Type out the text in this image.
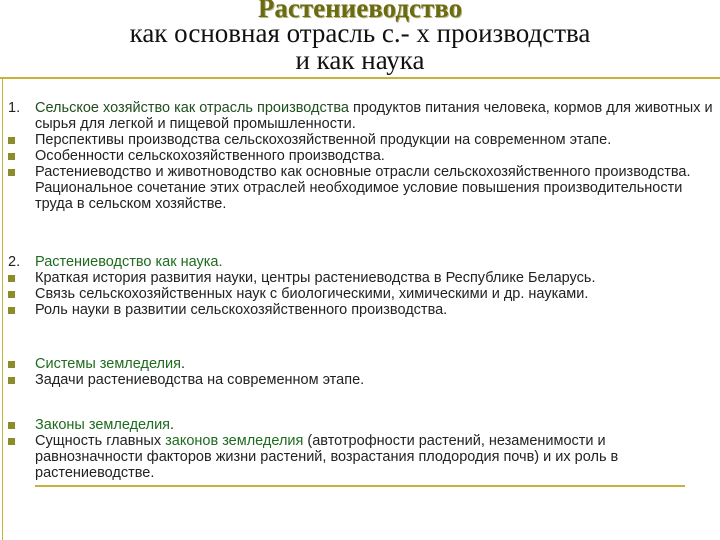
Растениеводство
как основная отрасль с.- х производства
и как наука
1. Сельское хозяйство как отрасль производства продуктов питания человека, кормов для животных и сырья для легкой и пищевой промышленности.
Перспективы производства сельскохозяйственной продукции на современном этапе.
Особенности сельскохозяйственного производства.
Растениеводство и животноводство как основные отрасли сельскохозяйственного производства. Рациональное сочетание этих отраслей необходимое условие повышения производительности труда в сельском хозяйстве.
2. Растениеводство как наука.
Краткая история развития науки, центры растениеводства в Республике Беларусь.
Связь сельскохозяйственных наук с биологическими, химическими и др. науками.
Роль науки в развитии сельскохозяйственного производства.
Системы земледелия.
Задачи растениеводства на современном этапе.
Законы земледелия.
Сущность главных законов земледелия (автотрофности растений, незаменимости и равнозначности факторов жизни растений, возрастания плодородия почв) и их роль в растениеводстве.
